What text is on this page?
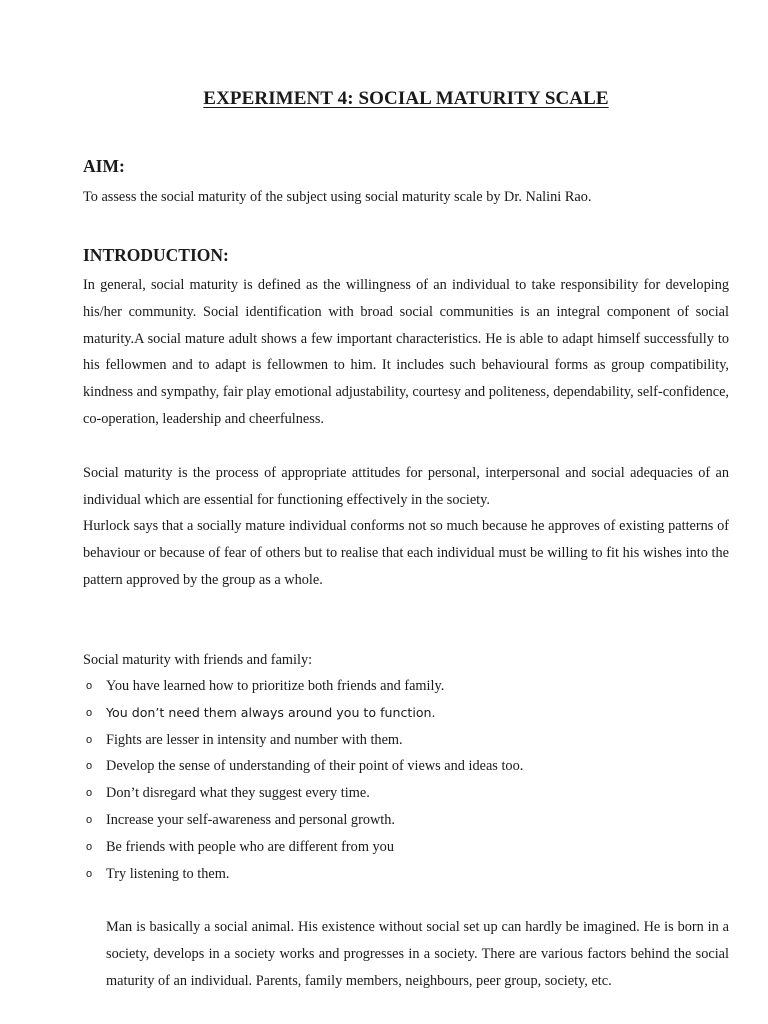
EXPERIMENT 4: SOCIAL MATURITY SCALE
AIM:

To assess the social maturity of the subject using social maturity scale by Dr. Nalini Rao.

INTRODUCTION:

In general, social maturity is defined as the willingness of an individual to take responsibility for developing his/her community. Social identification with broad social communities is an integral component of social maturity.A social mature adult shows a few important characteristics. He is able to adapt himself successfully to his fellowmen and to adapt is fellowmen to him. It includes such behavioural forms as group compatibility, kindness and sympathy, fair play emotional adjustability, courtesy and politeness, dependability, self-confidence, co-operation, leadership and cheerfulness.

Social maturity is the process of appropriate attitudes for personal, interpersonal and social adequacies of an individual which are essential for functioning effectively in the society.

Hurlock says that a socially mature individual conforms not so much because he approves of existing patterns of behaviour or because of fear of others but to realise that each individual must be willing to fit his wishes into the pattern approved by the group as a whole.

Social maturity with friends and family:

o You have learned how to prioritize both friends and family.
o You don’t need them always around you to function.
o Fights are lesser in intensity and number with them.
o Develop the sense of understanding of their point of views and ideas too.
o Don’t disregard what they suggest every time.
o Increase your self-awareness and personal growth.
o Be friends with people who are different from you
o Try listening to them.

Man is basically a social animal. His existence without social set up can hardly be imagined. He is born in a society, develops in a society works and progresses in a society. There are various factors behind the social maturity of an individual. Parents, family members, neighbours, peer group, society, etc.
